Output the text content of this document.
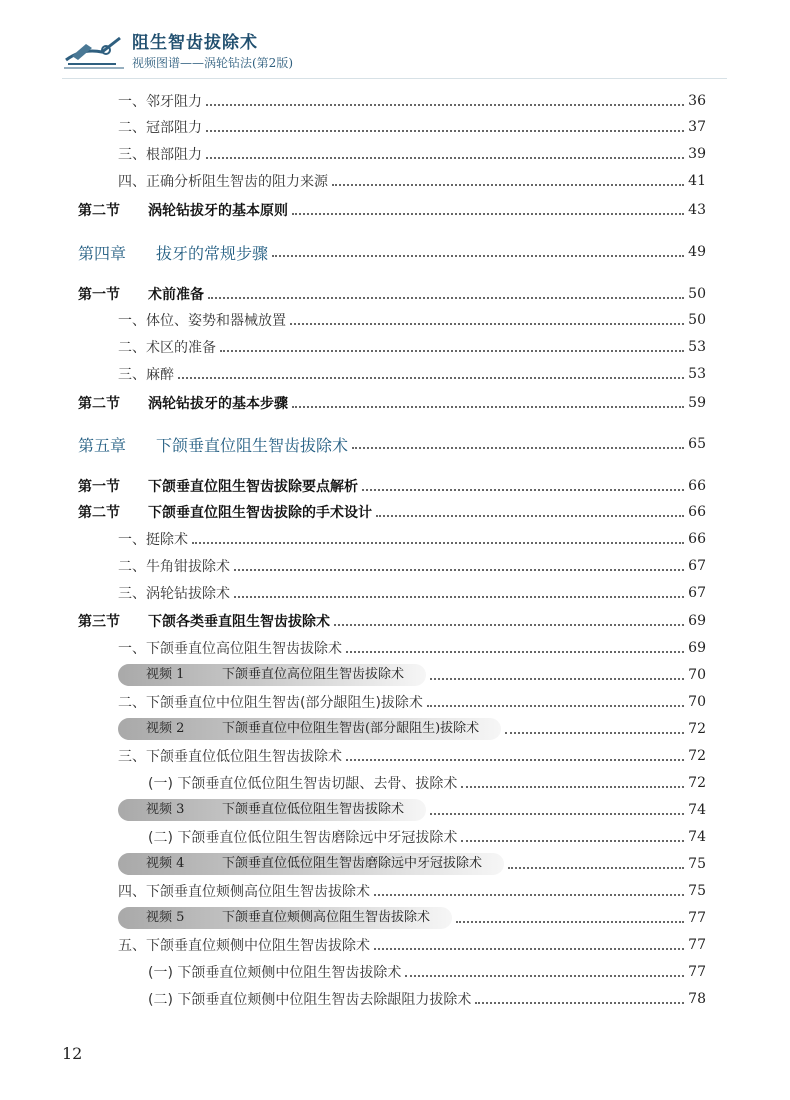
阻生智齿拔除术
视频图谱——涡轮钻法(第2版)
一、邻牙阻力	36
二、冠部阻力	37
三、根部阻力	39
四、正确分析阻生智齿的阻力来源	41
第二节 涡轮钻拔牙的基本原则	43
第四章 拔牙的常规步骤	49
第一节 术前准备	50
一、体位、姿势和器械放置	50
二、术区的准备	53
三、麻醉	53
第二节 涡轮钻拔牙的基本步骤	59
第五章 下颌垂直位阻生智齿拔除术	65
第一节 下颌垂直位阻生智齿拔除要点解析	66
第二节 下颌垂直位阻生智齿拔除的手术设计	66
一、挺除术	66
二、牛角钳拔除术	67
三、涡轮钻拔除术	67
第三节 下颌各类垂直阻生智齿拔除术	69
一、下颌垂直位高位阻生智齿拔除术	69
视频 1	下颌垂直位高位阻生智齿拔除术	70
二、下颌垂直位中位阻生智齿(部分龈阻生)拔除术	70
视频 2	下颌垂直位中位阻生智齿(部分龈阻生)拔除术	72
三、下颌垂直位低位阻生智齿拔除术	72
(一) 下颌垂直位低位阻生智齿切龈、去骨、拔除术	72
视频 3	下颌垂直位低位阻生智齿拔除术	74
(二) 下颌垂直位低位阻生智齿磨除远中牙冠拔除术	74
视频 4	下颌垂直位低位阻生智齿磨除远中牙冠拔除术	75
四、下颌垂直位颊侧高位阻生智齿拔除术	75
视频 5	下颌垂直位颊侧高位阻生智齿拔除术	77
五、下颌垂直位颊侧中位阻生智齿拔除术	77
(一) 下颌垂直位颊侧中位阻生智齿拔除术	77
(二) 下颌垂直位颊侧中位阻生智齿去除龈阻力拔除术	78
12
